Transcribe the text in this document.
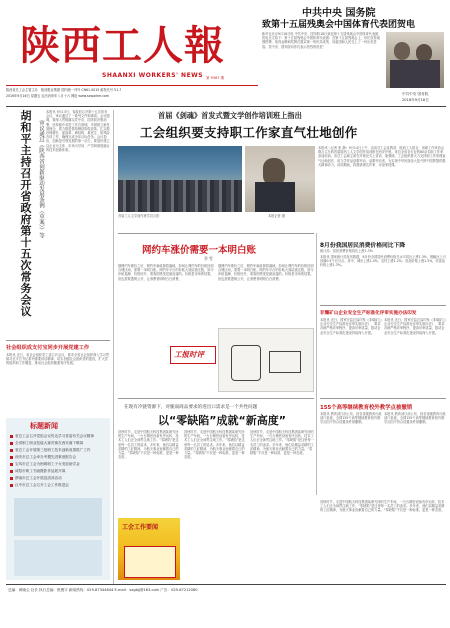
陕西工人報
SHAANXI WORKERS' NEWS
陕西省总工会主管主办　陕西报业集团 国内统一刊号 CN61-0015 邮发代号 51-7
2016年9月16日 星期五 农历丙申年八月十六 网址 www.sxworker.com
第 9367 期
中共中央 国务院
致第十五届残奥会中国体育代表团贺电
新华社北京9月18日电 中共中央、国务院18日致电第十五届残奥会中国体育代表团，贺电全文如下：第十五届残奥会中国体育代表团：在第十五届残奥会上，你们坚持顽强拼搏，取得金牌和奖牌总数双第一的优异成绩，向祖国和人民交上了一份出色答卷。党中央、国务院向你们表示热烈的祝贺！
中共中央 国务院
2016年9月18日
胡和平主持召开省政府第十五次常务会议 审议通过《陕西省创新驱动发展条例（草案）》等
本报讯 9月13日，省政府召开第十五次常务会议，审议通过了一系列文件和事项。会议强调，要深入贯彻落实党中央、国务院决策部署，坚持稳中求进工作总基调，牢固树立新发展理念，着力推进供给侧结构性改革，扎实做好保增长、促改革、调结构、惠民生、防风险各项工作，确保完成全年目标任务。会议指出，创新是引领发展的第一动力，要加快建立以企业为主体、市场为导向、产学研深度融合的技术创新体系。
社会组织成支付宝同步开展党建工作
本报讯 近日，省社会组织党工委召开会议，要求全省社会组织深入学习贯彻习近平总书记系列重要讲话精神，切实加强社会组织党的建设，扩大党的组织和工作覆盖，推动社会组织健康有序发展。
标题新闻
省总工会召开党组会议传达学习省委有关会议精神
全省职工职业技能大赛决赛在西安落下帷幕
省总工会开展第三批职工技术创新成果推广工作
西安市总工会举办劳模先进事迹报告会
宝鸡市总工会为困难职工子女发放助学金
咸阳市职工书画摄影作品展开幕
渭南市总工会开展送清凉活动
汉中市总工会召开工会工作推进会
首届《剑魂》首发式暨文学创作培训班上指出
工会组织要支持职工作家直气壮地创作
首届工人文学创作班学员合影	本报记者 摄
本报讯（记者 张 静）9月14日上午，由省总工会宣教部、陕西工人报社、省职工作家协会联合主办的首届陕西工人文学创作培训班在西安开班。来自全省各行业的80余名职工作家参加培训。省总工会副主席在开班仪式上讲话，他强调，工会组织要大力支持职工作家理直气壮地创作，用文学作品讴歌劳动、讴歌劳动者，为实现中华民族伟大复兴的中国梦提供强大精神动力。培训期间，将邀请著名作家、评论家授课。
网约车涨价需要一本明白账
乔 雪
继网约车涨价之后，网约车新政即将落地，如何让网约车的价格回到合理区间，需要一本明白账。网约车平台的补贴大战烧钱无数，如今补贴退潮、价格回升，乘客的感受是最直接的。价格是市场的结果，但也需要透明公开，让消费者明明白白消费。
继网约车涨价之后，网约车新政即将落地，如何让网约车的价格回到合理区间，需要一本明白账。网约车平台的补贴大战烧钱无数，如今补贴退潮、价格回升，乘客的感受是最直接的。价格是市场的结果，但也需要透明公开，让消费者明明白白消费。
工报时评
8月份我国居民消费价格同比下降
统计局：居民消费价格同比上涨1.3%
本报讯 国家统计局发布数据，8月份全国居民消费价格总水平同比上涨1.3%，涨幅比上月回落0.5个百分点。其中，城市上涨1.4%，农村上涨1.2%；食品价格上涨1.3%，非食品价格上涨1.3%。
非耀矿山企业安全生产标准化评审实施办法印发
本报讯 近日，国家安监总局印发《非煤矿山企业安全生产标准化评审实施办法》，要求各地严格评审程序，提高评审质量，推动企业安全生产标准化建设持续深入开展。
本报讯 近日，国家安监总局印发《非煤矿山企业安全生产标准化评审实施办法》，要求各地严格评审程序，提高评审质量，推动企业安全生产标准化建设持续深入开展。
155个高等继续教育校外教学点被撤销
本报讯 教育部日前公布，经各省级教育行政部门检查，全国155个高等继续教育校外教学点因不符合设置条件被撤销。
本报讯 教育部日前公布，经各省级教育行政部门检查，全国155个高等继续教育校外教学点因不符合设置条件被撤销。
在现有冷链资源下，对脆弱商品要求的进出口需求是一个共性问题
以“零缺陷”成就“新高度”
初秋时节，走进中国航天科技集团某研究所的生产车间，一台台精密设备有序运转，技术工人们正全神贯注地工作。“零缺陷”是这里每一名员工的追求。多年来，他们以精益求精的工匠精神，为航天事业贡献着自己的力量。“零缺陷”不仅是一种标准，更是一种态度。
初秋时节，走进中国航天科技集团某研究所的生产车间，一台台精密设备有序运转，技术工人们正全神贯注地工作。“零缺陷”是这里每一名员工的追求。多年来，他们以精益求精的工匠精神，为航天事业贡献着自己的力量。“零缺陷”不仅是一种标准，更是一种态度。
初秋时节，走进中国航天科技集团某研究所的生产车间，一台台精密设备有序运转，技术工人们正全神贯注地工作。“零缺陷”是这里每一名员工的追求。多年来，他们以精益求精的工匠精神，为航天事业贡献着自己的力量。“零缺陷”不仅是一种标准，更是一种态度。
初秋时节，走进中国航天科技集团某研究所的生产车间，一台台精密设备有序运转，技术工人们正全神贯注地工作。“零缺陷”是这里每一名员工的追求。多年来，他们以精益求精的工匠精神，为航天事业贡献着自己的力量。“零缺陷”不仅是一种标准，更是一种态度。
工会工作要闻
总编：黄晓云 社长 执行总编：焦俊宇 新闻热线：029-87344644 E-mail：sxgbjj@163.com 广告：029-87212080
